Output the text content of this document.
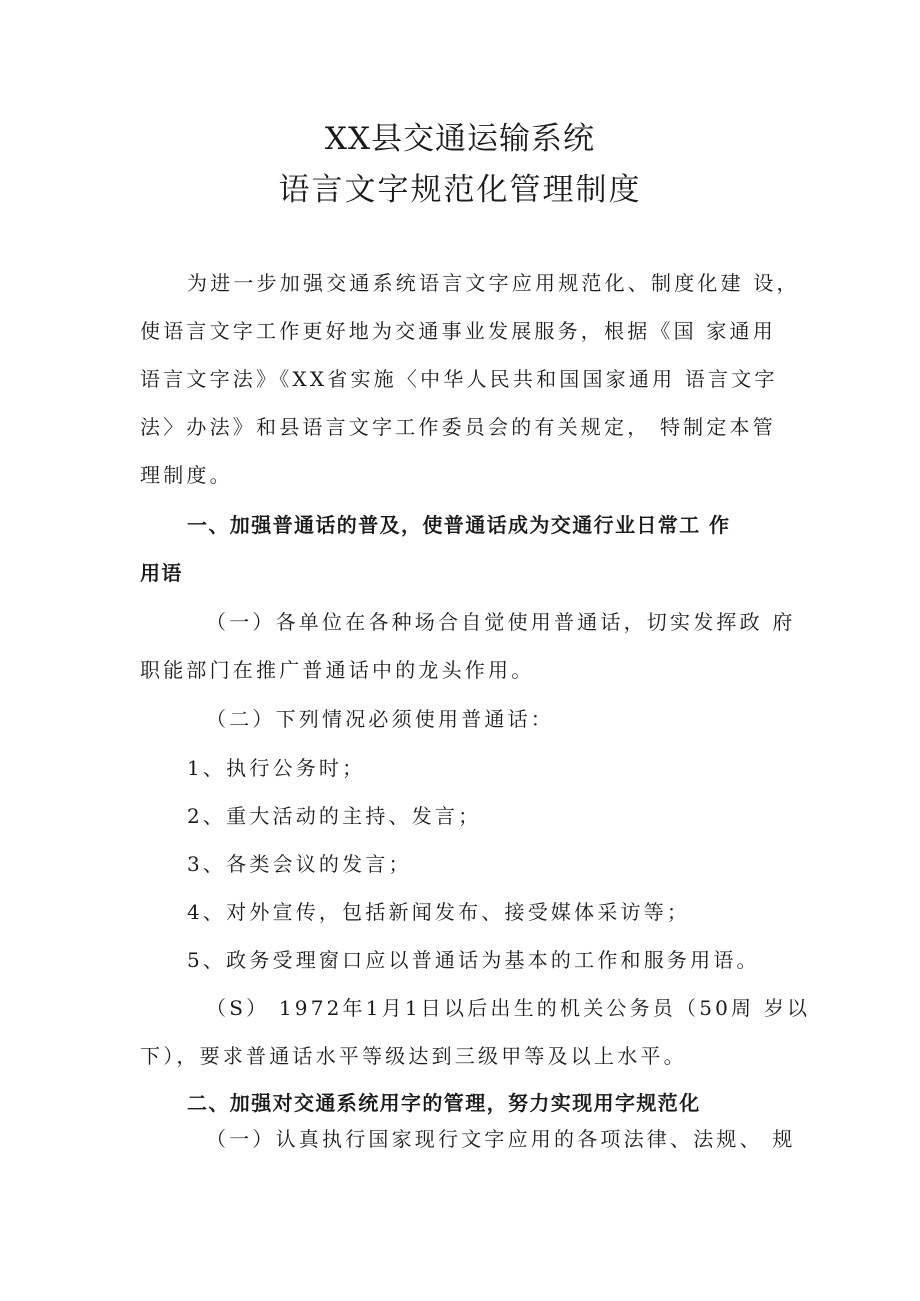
XX县交通运输系统
语言文字规范化管理制度
为进一步加强交通系统语言文字应用规范化、制度化建 设，
使语言文字工作更好地为交通事业发展服务，根据《国 家通用
语言文字法》《XX省实施〈中华人民共和国国家通用 语言文字
法〉办法》和县语言文字工作委员会的有关规定， 特制定本管
理制度。
一、加强普通话的普及，使普通话成为交通行业日常工 作
用语
（一）各单位在各种场合自觉使用普通话，切实发挥政 府
职能部门在推广普通话中的龙头作用。
（二）下列情况必须使用普通话：
1、执行公务时；
2、重大活动的主持、发言；
3、各类会议的发言；
4、对外宣传，包括新闻发布、接受媒体采访等；
5、政务受理窗口应以普通话为基本的工作和服务用语。
（S） 1972年1月1日以后出生的机关公务员（50周 岁以
下），要求普通话水平等级达到三级甲等及以上水平。
二、加强对交通系统用字的管理，努力实现用字规范化
（一）认真执行国家现行文字应用的各项法律、法规、 规
